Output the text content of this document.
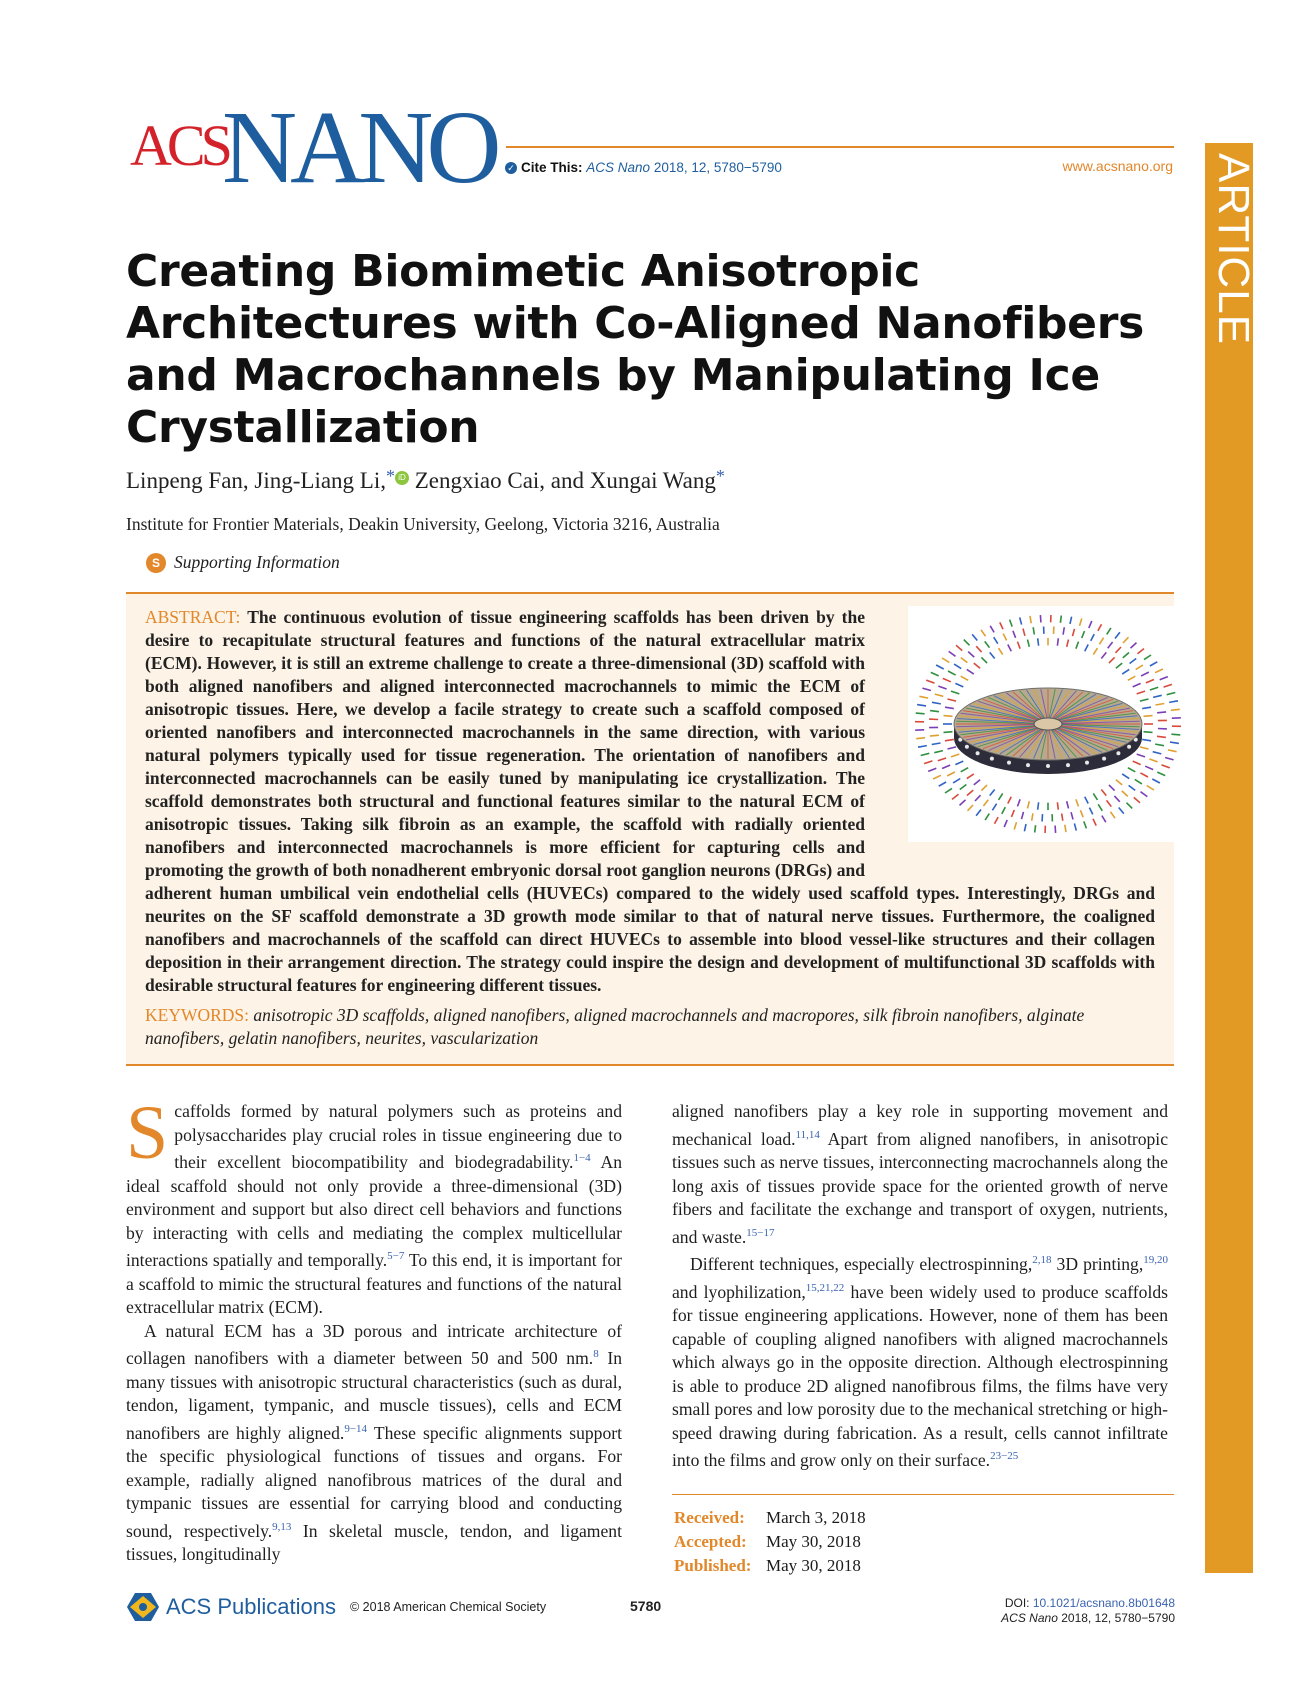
ACS
NANO ✓ Cite This: ACS Nano 2018, 12, 5780−5790	www.acsnano.org ARTICLE
Creating Biomimetic Anisotropic Architectures with Co-Aligned Nanofibers and Macrochannels by Manipulating Ice Crystallization
Linpeng Fan, Jing-Liang Li,* iD Zengxiao Cai, and Xungai Wang*
Institute for Frontier Materials, Deakin University, Geelong, Victoria 3216, Australia
S Supporting Information

ABSTRACT: The continuous evolution of tissue engineering scaffolds has been driven by the desire to recapitulate structural features and functions of the natural extracellular matrix (ECM). However, it is still an extreme challenge to create a three-dimensional (3D) scaffold with both aligned nanofibers and aligned interconnected macrochannels to mimic the ECM of anisotropic tissues. Here, we develop a facile strategy to create such a scaffold composed of oriented nanofibers and interconnected macrochannels in the same direction, with various natural polymers typically used for tissue regeneration. The orientation of nanofibers and interconnected macrochannels can be easily tuned by manipulating ice crystallization. The scaffold demonstrates both structural and functional features similar to the natural ECM of anisotropic tissues. Taking silk fibroin as an example, the scaffold with radially oriented nanofibers and interconnected macrochannels is more efficient for capturing cells and promoting the growth of both nonadherent embryonic dorsal root ganglion neurons (DRGs) and adherent human umbilical vein endothelial cells (HUVECs) compared to the widely used scaffold types. Interestingly, DRGs and neurites on the SF scaffold demonstrate a 3D growth mode similar to that of natural nerve tissues. Furthermore, the coaligned nanofibers and macrochannels of the scaffold can direct HUVECs to assemble into blood vessel-like structures and their collagen deposition in their arrangement direction. The strategy could inspire the design and development of multifunctional 3D scaffolds with desirable structural features for engineering different tissues.

KEYWORDS: anisotropic 3D scaffolds, aligned nanofibers, aligned macrochannels and macropores, silk fibroin nanofibers, alginate nanofibers, gelatin nanofibers, neurites, vascularization

Scaffolds formed by natural polymers such as proteins and polysaccharides play crucial roles in tissue engineering due to their excellent biocompatibility and biodegradability.$^{1-4}$ An ideal scaffold should not only provide a three-dimensional (3D) environment and support but also direct cell behaviors and functions by interacting with cells and mediating the complex multicellular interactions spatially and temporally.$^{5-7}$ To this end, it is important for a scaffold to mimic the structural features and functions of the natural extracellular matrix (ECM).

A natural ECM has a 3D porous and intricate architecture of collagen nanofibers with a diameter between 50 and 500 nm.$^8$ In many tissues with anisotropic structural characteristics (such as dural, tendon, ligament, tympanic, and muscle tissues), cells and ECM nanofibers are highly aligned.$^{9-14}$ These specific alignments support the specific physiological functions of tissues and organs. For example, radially aligned nanofibrous matrices of the dural and tympanic tissues are essential for carrying blood and conducting sound, respectively.$^{9,13}$ In skeletal muscle, tendon, and ligament tissues, longitudinally

aligned nanofibers play a key role in supporting movement and mechanical load.$^{11,14}$ Apart from aligned nanofibers, in anisotropic tissues such as nerve tissues, interconnecting macrochannels along the long axis of tissues provide space for the oriented growth of nerve fibers and facilitate the exchange and transport of oxygen, nutrients, and waste.$^{15-17}$

Different techniques, especially electrospinning,$^{2,18}$ 3D printing,$^{19,20}$ and lyophilization,$^{15,21,22}$ have been widely used to produce scaffolds for tissue engineering applications. However, none of them has been capable of coupling aligned nanofibers with aligned macrochannels which always go in the opposite direction. Although electrospinning is able to produce 2D aligned nanofibrous films, the films have very small pores and low porosity due to the mechanical stretching or high-speed drawing during fabrication. As a result, cells cannot infiltrate into the films and grow only on their surface.$^{23-25}$

Received: March 3, 2018
Accepted: May 30, 2018
Published: May 30, 2018
ACS Publications © 2018 American Chemical Society	5780	DOI: 10.1021/acsnano.8b01648
ACS Nano 2018, 12, 5780−5790
